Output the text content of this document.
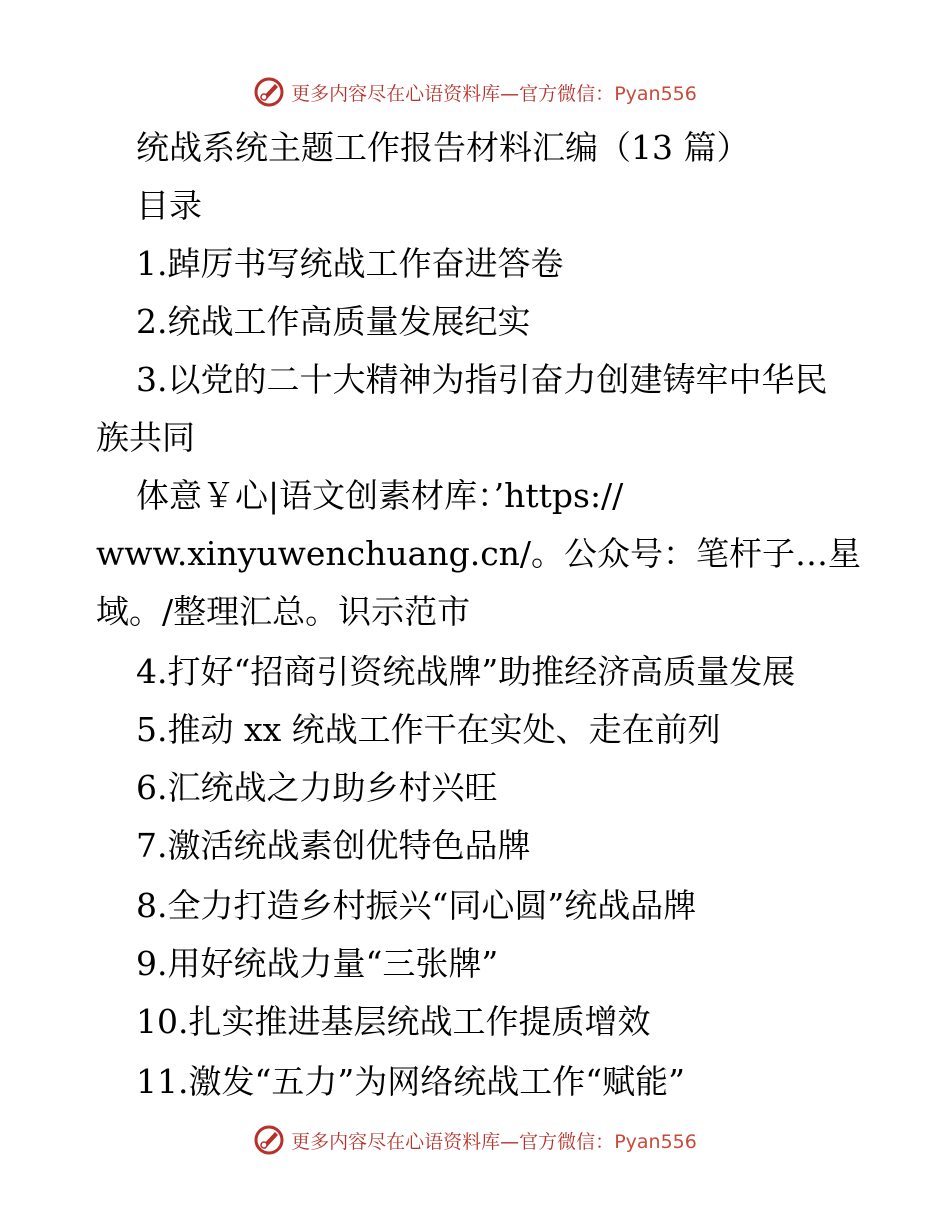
更多内容尽在心语资料库—官方微信：Pyan556
统战系统主题工作报告材料汇编（13 篇）
目录
1.踔厉书写统战工作奋进答卷
2.统战工作高质量发展纪实
3.以党的二十大精神为指引奋力创建铸牢中华民
族共同
体意￥心|语文创素材库：’https://
www.xinyuwenchuang.cn/。公众号：笔杆子…星
域。/整理汇总。识示范市
4.打好“招商引资统战牌”助推经济高质量发展
5.推动 xx 统战工作干在实处、走在前列
6.汇统战之力助乡村兴旺
7.激活统战素创优特色品牌
8.全力打造乡村振兴“同心圆”统战品牌
9.用好统战力量“三张牌”
10.扎实推进基层统战工作提质增效
11.激发“五力”为网络统战工作“赋能”
更多内容尽在心语资料库—官方微信：Pyan556
